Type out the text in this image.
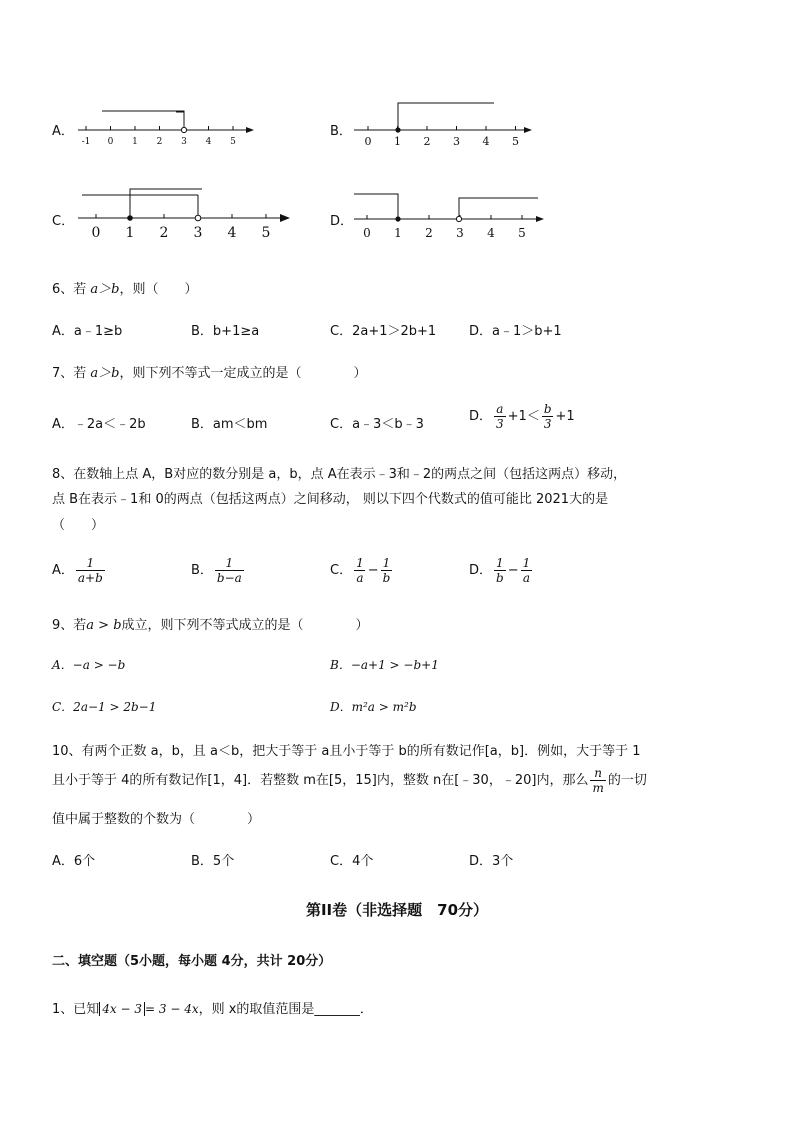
A．
-1 0 1 2 3 4 5
B．
0 1 2 3 4 5
C．
0 1 2 3 4 5
D．
0 1 2 3 4 5
6、若 a＞b，则（　　）
A．a﹣1≥b	B．b+1≥a	C．2a+1＞2b+1	D．a﹣1＞b+1
7、若 a＞b，则下列不等式一定成立的是（　　　　）
A．﹣2a＜﹣2b	B．am＜bm	C．a﹣3＜b﹣3
D． $\frac{a}{3} +1< \frac{b}{3} +1$
8、在数轴上点 A，B对应的数分别是 a，b，点 A在表示﹣3和﹣2的两点之间（包括这两点）移动，
点 B在表示﹣1和 0的两点（包括这两点）之间移动， 则以下四个代数式的值可能比 2021大的是
（　　）
A． $\frac{1}{a+b}$	B． $\frac{1}{b-a}$	C． $\frac{1}{a} - \frac{1}{b}$	D． $\frac{1}{b} - \frac{1}{a}$
9、若a > b成立，则下列不等式成立的是（　　　　）
A．−a > −b	B．−a+1 > −b+1
C．2a−1 > 2b−1	D．m²a > m²b
10、有两个正数 a，b，且 a＜b，把大于等于 a且小于等于 b的所有数记作[a，b]．例如，大于等于 1
且小于等于 4的所有数记作[1，4]．若整数 m在[5，15]内，整数 n在[﹣30，﹣20]内，那么 $\frac{n}{m}$ 的一切
值中属于整数的个数为（　　　　）
A．6个	B．5个	C．4个	D．3个
第II卷（非选择题　70分）
二、填空题（5小题，每小题 4分，共计 20分）
1、已知 4x − 3 = 3 − 4x，则 x的取值范围是_______．
